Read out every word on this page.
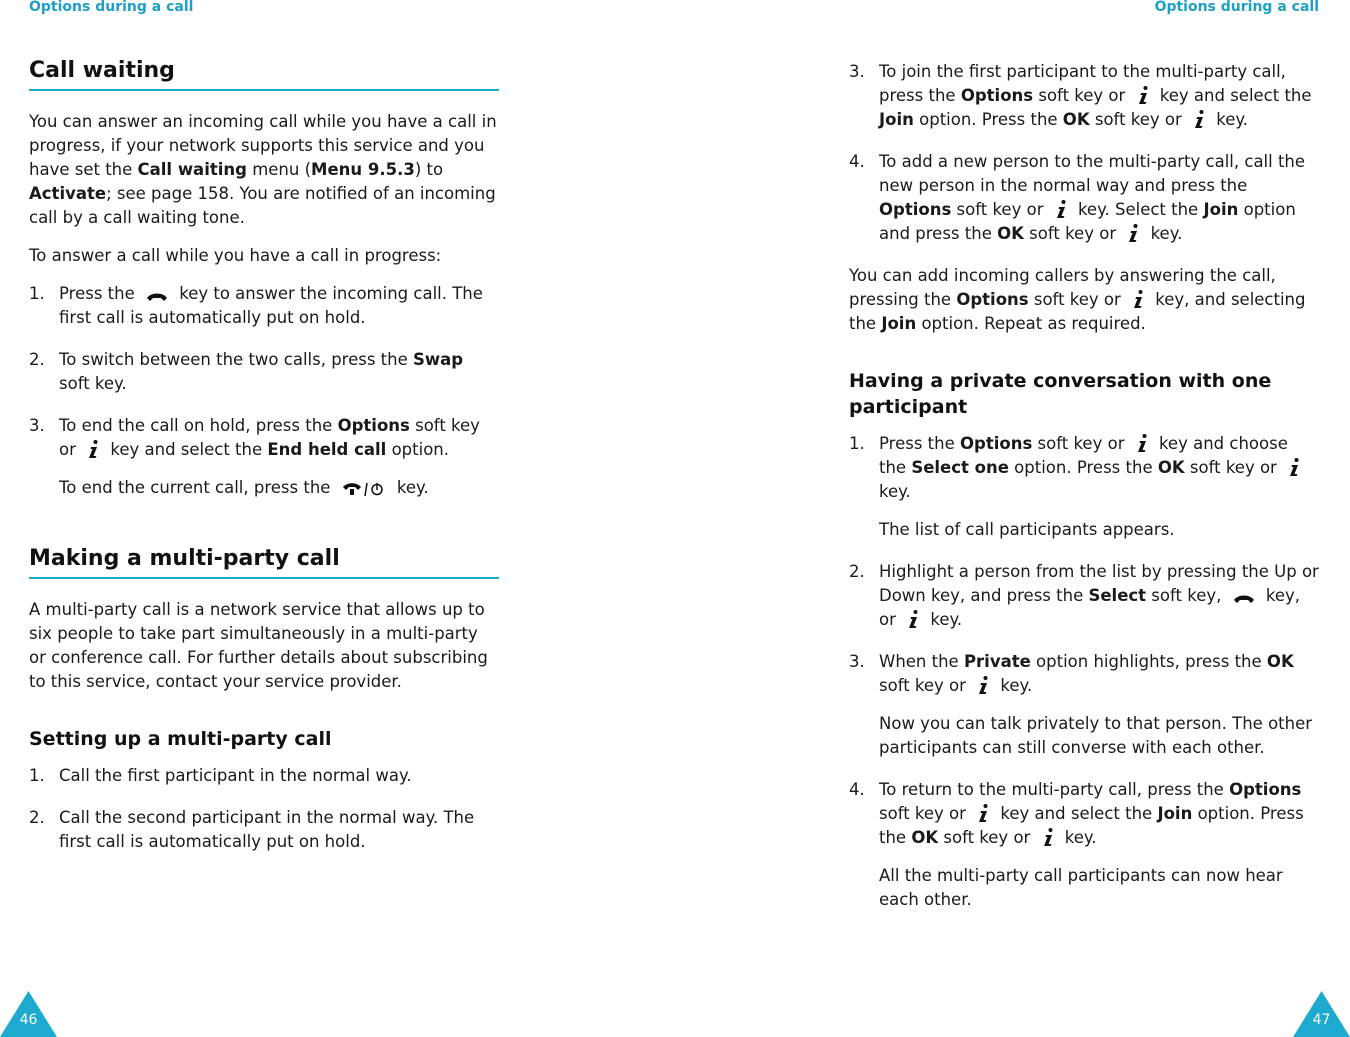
Options during a call
Call waiting

You can answer an incoming call while you have a call in progress, if your network supports this service and you have set the Call waiting menu (Menu 9.5.3) to Activate; see page 158. You are notified of an incoming call by a call waiting tone.

To answer a call while you have a call in progress:

1. Press the  key to answer the incoming call. The first call is automatically put on hold.
2. To switch between the two calls, press the Swap soft key.
3. To end the call on hold, press the Options soft key or  key and select the End held call option.
To end the current call, press the	key.
Making a multi-party call

A multi-party call is a network service that allows up to six people to take part simultaneously in a multi-party or conference call. For further details about subscribing to this service, contact your service provider.

Setting up a multi-party call
1. Call the first participant in the normal way.
2. Call the second participant in the normal way. The first call is automatically put on hold.
46
Options during a call
3. To join the first participant to the multi-party call, press the Options soft key or  key and select the Join option. Press the OK soft key or  key.
4. To add a new person to the multi-party call, call the new person in the normal way and press the Options soft key or  key. Select the Join option and press the OK soft key or  key.

You can add incoming callers by answering the call, pressing the Options soft key or  key, and selecting the Join option. Repeat as required.

Having a private conversation with one participant
1. Press the Options soft key or  key and choose the Select one option. Press the OK soft key or  key.
The list of call participants appears.
2. Highlight a person from the list by pressing the Up or Down key, and press the Select soft key,  key, or  key.
3. When the Private option highlights, press the OK soft key or  key.
Now you can talk privately to that person. The other participants can still converse with each other.
4. To return to the multi-party call, press the Options soft key or  key and select the Join option. Press the OK soft key or  key.
All the multi-party call participants can now hear each other.
47
